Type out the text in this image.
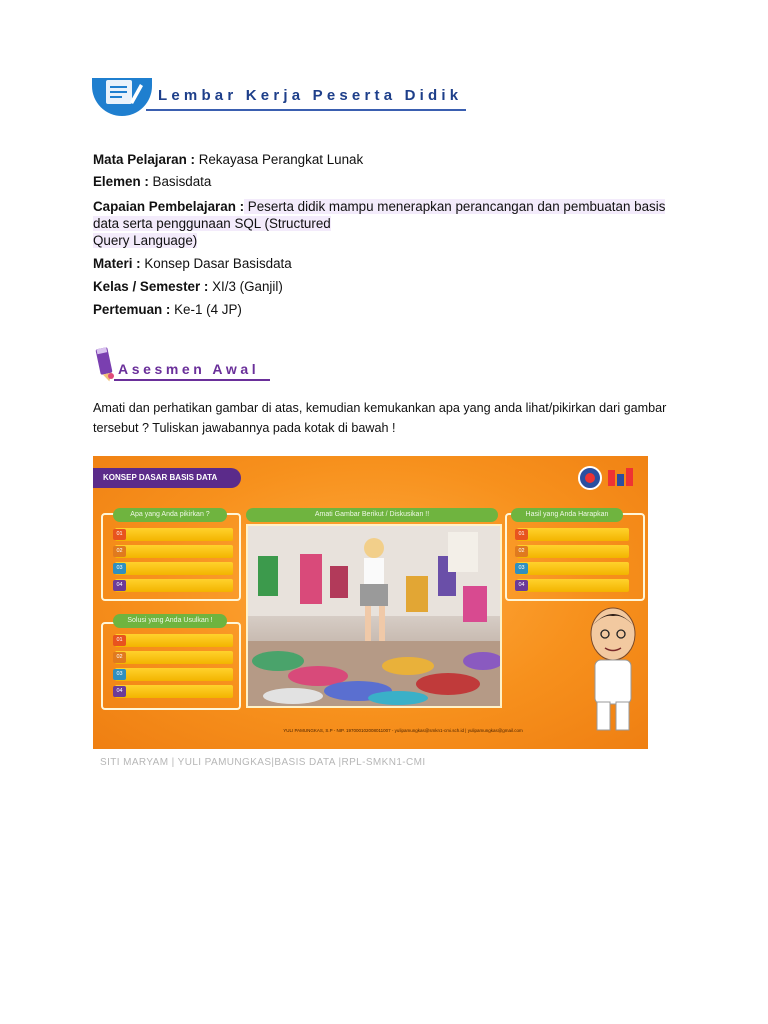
Lembar Kerja Peserta Didik
Mata Pelajaran : Rekayasa Perangkat Lunak
Elemen : Basisdata
Capaian Pembelajaran : Peserta didik mampu menerapkan perancangan dan pembuatan basis data serta penggunaan SQL (Structured
Query Language)
Materi : Konsep Dasar Basisdata
Kelas / Semester : XI/3 (Ganjil)
Pertemuan : Ke-1 (4 JP)
Asesmen Awal
Amati dan perhatikan gambar di atas, kemudian kemukankan apa yang anda lihat/pikirkan dari gambar tersebut ? Tuliskan jawabannya pada kotak di bawah !
KONSEP DASAR BASIS DATA
Apa yang Anda pikirkan ?
01
02
03
04
Solusi yang Anda Usulkan !
01
02
03
04
Amati Gambar Berikut / Diskusikan !!	Hasil yang Anda Harapkan
01
02
03
04
YULI PAMUNGKAS, S.P - NIP. 197000102008011007 - yulipamungkas@smkn1-cmi.sch.id | yulipamungkas@gmail.com
SITI MARYAM | YULI PAMUNGKAS|BASIS DATA |RPL-SMKN1-CMI
